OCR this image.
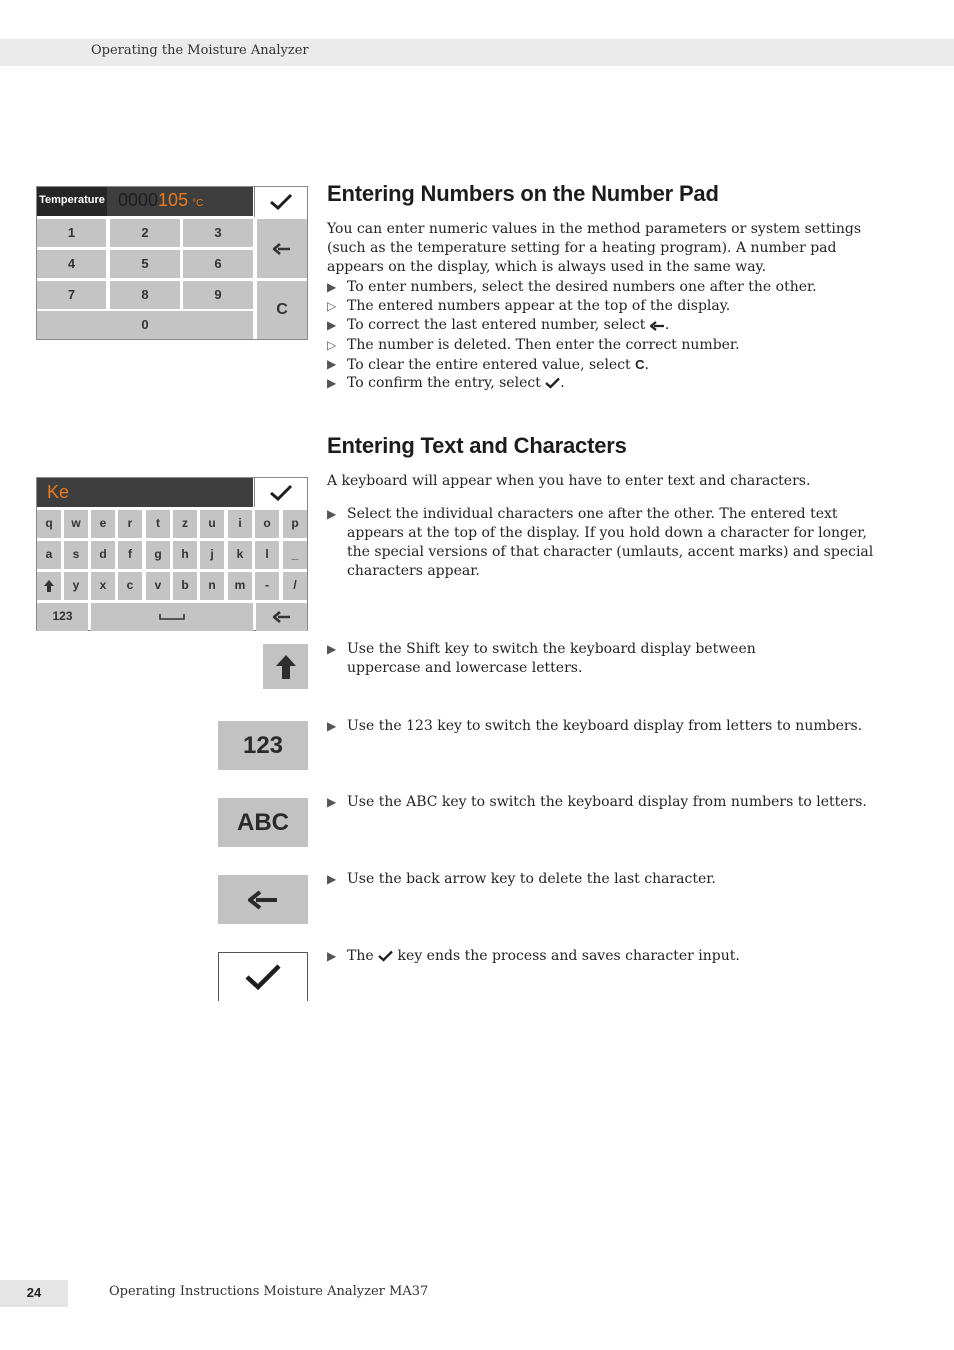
Operating the Moisture Analyzer
24	Operating Instructions Moisture Analyzer MA37
Temperature 0000105 °C
1	2	3
4	5	6
7	8	9
0
C
Entering Numbers on the Number Pad
You can enter numeric values in the method parameters or system settings (such as the temperature setting for a heating program). A number pad appears on the display, which is always used in the same way.
▶ To enter numbers, select the desired numbers one after the other.
▷ The entered numbers appear at the top of the display.
▶ To correct the last entered number, select .
▷ The number is deleted. Then enter the correct number.
▶ To clear the entire entered value, select C.
▶ To confirm the entry, select .
Ke
q	w	e	r	t	z	u	i	o	p
a	s	d	f	g	h	j	k	l	_
y	x	c	v	b	n	m	-	/
123
Entering Text and Characters
A keyboard will appear when you have to enter text and characters.
▶ Select the individual characters one after the other. The entered text appears at the top of the display. If you hold down a character for longer, the special versions of that character (umlauts, accent marks) and special characters appear.
▶ Use the Shift key to switch the keyboard display between uppercase and lowercase letters.
▶ Use the 123 key to switch the keyboard display from letters to numbers.
▶ Use the ABC key to switch the keyboard display from numbers to letters.
▶ Use the back arrow key to delete the last character.
▶ The key ends the process and saves character input.
123
ABC
